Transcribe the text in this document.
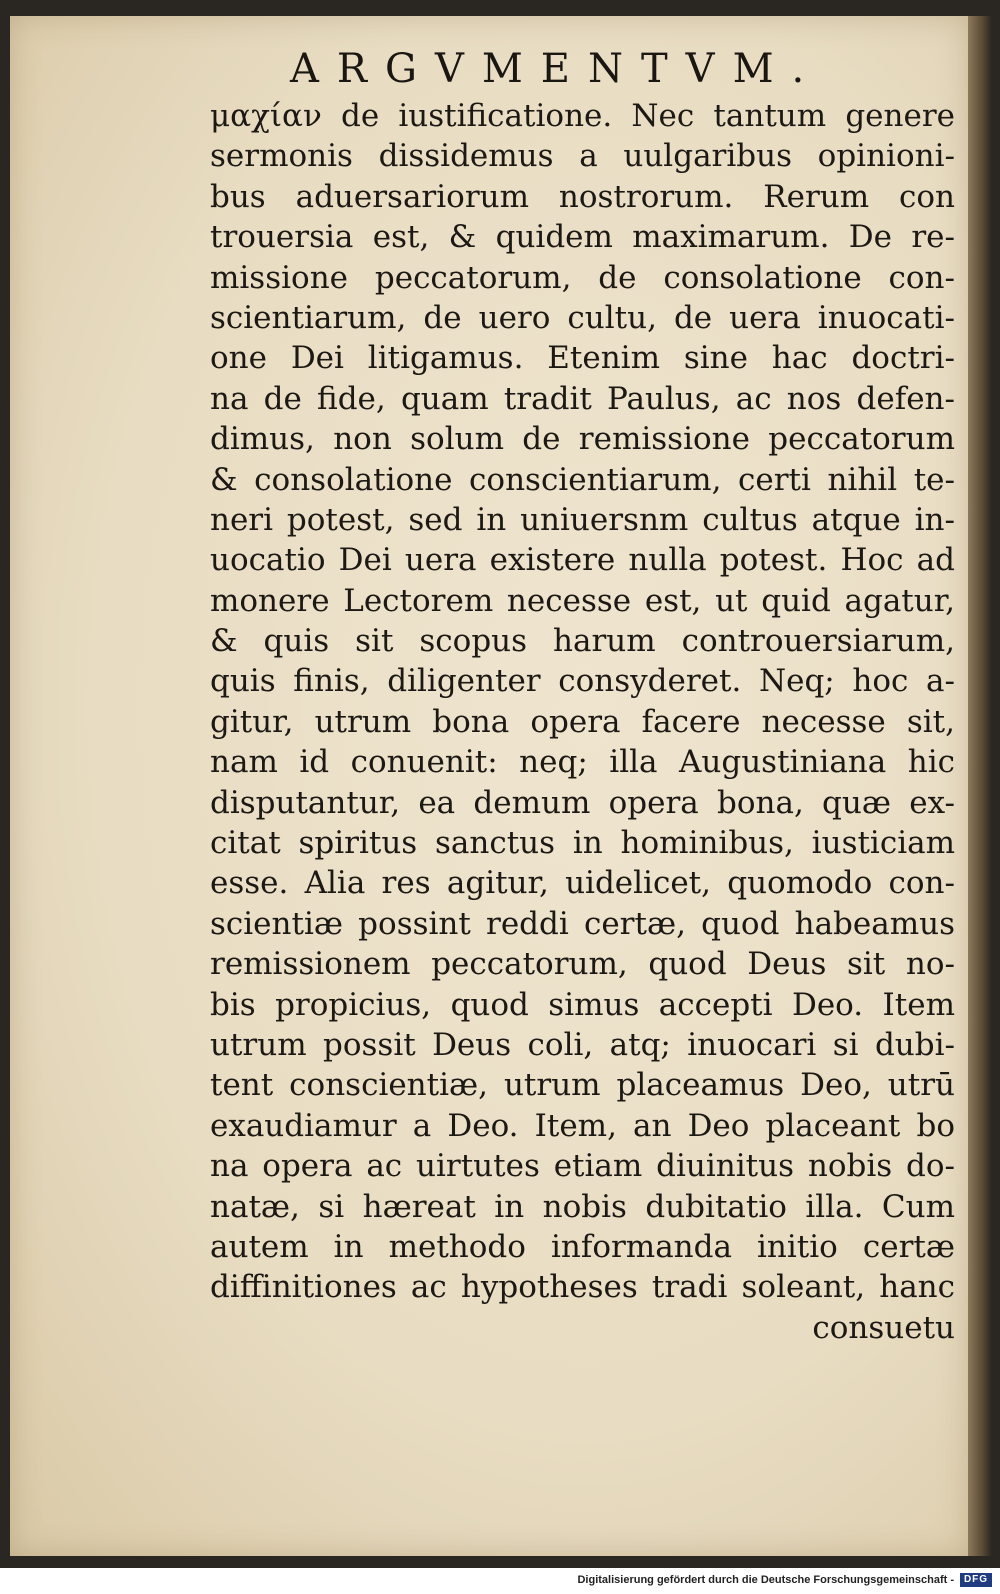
ARGVMENTVM.
μαχίαν de iustificatione. Nec tantum genere
sermonis dissidemus a uulgaribus opinioni-
bus aduersariorum nostrorum. Rerum con
trouersia est, & quidem maximarum. De re-
missione peccatorum, de consolatione con-
scientiarum, de uero cultu, de uera inuocati-
one Dei litigamus. Etenim sine hac doctri-
na de fide, quam tradit Paulus, ac nos defen-
dimus, non solum de remissione peccatorum
& consolatione conscientiarum, certi nihil te-
neri potest, sed in uniuersnm cultus atque in-
uocatio Dei uera existere nulla potest. Hoc ad
monere Lectorem necesse est, ut quid agatur,
& quis sit scopus harum controuersiarum,
quis finis, diligenter consyderet. Neq; hoc a-
gitur, utrum bona opera facere necesse sit,
nam id conuenit: neq; illa Augustiniana hic
disputantur, ea demum opera bona, quæ ex-
citat spiritus sanctus in hominibus, iusticiam
esse. Alia res agitur, uidelicet, quomodo con-
scientiæ possint reddi certæ, quod habeamus
remissionem peccatorum, quod Deus sit no-
bis propicius, quod simus accepti Deo. Item
utrum possit Deus coli, atq; inuocari si dubi-
tent conscientiæ, utrum placeamus Deo, utrū
exaudiamur a Deo. Item, an Deo placeant bo
na opera ac uirtutes etiam diuinitus nobis do-
natæ, si hæreat in nobis dubitatio illa. Cum
autem in methodo informanda initio certæ
diffinitiones ac hypotheses tradi soleant, hanc
consuetu
Digitalisierung gefördert durch die Deutsche Forschungsgemeinschaft - DFG
